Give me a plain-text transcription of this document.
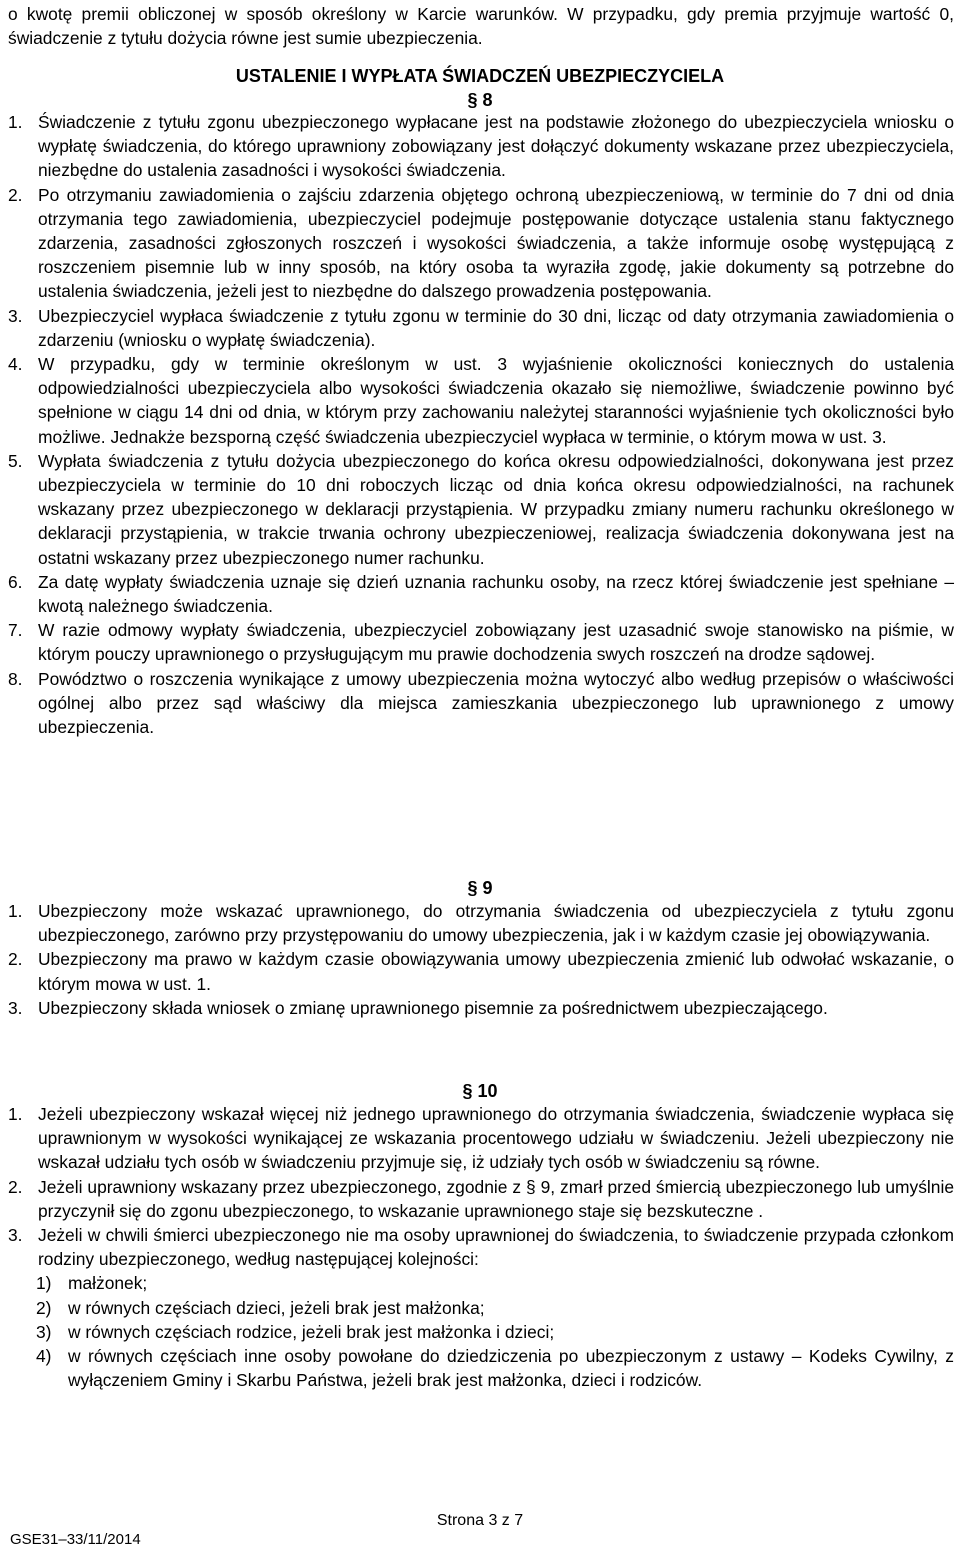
o kwotę premii obliczonej w sposób określony w Karcie warunków. W przypadku, gdy premia przyjmuje wartość 0, świadczenie z tytułu dożycia równe jest sumie ubezpieczenia.
USTALENIE I WYPŁATA ŚWIADCZEŃ UBEZPIECZYCIELA
§ 8
1. Świadczenie z tytułu zgonu ubezpieczonego wypłacane jest na podstawie złożonego do ubezpieczyciela wniosku o wypłatę świadczenia, do którego uprawniony zobowiązany jest dołączyć dokumenty wskazane przez ubezpieczyciela, niezbędne do ustalenia zasadności i wysokości świadczenia.
2. Po otrzymaniu zawiadomienia o zajściu zdarzenia objętego ochroną ubezpieczeniową, w terminie do 7 dni od dnia otrzymania tego zawiadomienia, ubezpieczyciel podejmuje postępowanie dotyczące ustalenia stanu faktycznego zdarzenia, zasadności zgłoszonych roszczeń i wysokości świadczenia, a także informuje osobę występującą z roszczeniem pisemnie lub w inny sposób, na który osoba ta wyraziła zgodę, jakie dokumenty są potrzebne do ustalenia świadczenia, jeżeli jest to niezbędne do dalszego prowadzenia postępowania.
3. Ubezpieczyciel wypłaca świadczenie z tytułu zgonu w terminie do 30 dni, licząc od daty otrzymania zawiadomienia o zdarzeniu (wniosku o wypłatę świadczenia).
4. W przypadku, gdy w terminie określonym w ust. 3 wyjaśnienie okoliczności koniecznych do ustalenia odpowiedzialności ubezpieczyciela albo wysokości świadczenia okazało się niemożliwe, świadczenie powinno być spełnione w ciągu 14 dni od dnia, w którym przy zachowaniu należytej staranności wyjaśnienie tych okoliczności było możliwe. Jednakże bezsporną część świadczenia ubezpieczyciel wypłaca w terminie, o którym mowa w ust. 3.
5. Wypłata świadczenia z tytułu dożycia ubezpieczonego do końca okresu odpowiedzialności, dokonywana jest przez ubezpieczyciela w terminie do 10 dni roboczych licząc od dnia końca okresu odpowiedzialności, na rachunek wskazany przez ubezpieczonego w deklaracji przystąpienia. W przypadku zmiany numeru rachunku określonego w deklaracji przystąpienia, w trakcie trwania ochrony ubezpieczeniowej, realizacja świadczenia dokonywana jest na ostatni wskazany przez ubezpieczonego numer rachunku.
6. Za datę wypłaty świadczenia uznaje się dzień uznania rachunku osoby, na rzecz której świadczenie jest spełniane – kwotą należnego świadczenia.
7. W razie odmowy wypłaty świadczenia, ubezpieczyciel zobowiązany jest uzasadnić swoje stanowisko na piśmie, w którym pouczy uprawnionego o przysługującym mu prawie dochodzenia swych roszczeń na drodze sądowej.
8. Powództwo o roszczenia wynikające z umowy ubezpieczenia można wytoczyć albo według przepisów o właściwości ogólnej albo przez sąd właściwy dla miejsca zamieszkania ubezpieczonego lub uprawnionego z umowy ubezpieczenia.
§ 9
1. Ubezpieczony może wskazać uprawnionego, do otrzymania świadczenia od ubezpieczyciela z tytułu zgonu ubezpieczonego, zarówno przy przystępowaniu do umowy ubezpieczenia, jak i w każdym czasie jej obowiązywania.
2. Ubezpieczony ma prawo w każdym czasie obowiązywania umowy ubezpieczenia zmienić lub odwołać wskazanie, o którym mowa w ust. 1.
3. Ubezpieczony składa wniosek o zmianę uprawnionego pisemnie za pośrednictwem ubezpieczającego.
§ 10
1. Jeżeli ubezpieczony wskazał więcej niż jednego uprawnionego do otrzymania świadczenia, świadczenie wypłaca się uprawnionym w wysokości wynikającej ze wskazania procentowego udziału w świadczeniu. Jeżeli ubezpieczony nie wskazał udziału tych osób w świadczeniu przyjmuje się, iż udziały tych osób w świadczeniu są równe.
2. Jeżeli uprawniony wskazany przez ubezpieczonego, zgodnie z § 9, zmarł przed śmiercią ubezpieczonego lub umyślnie przyczynił się do zgonu ubezpieczonego, to wskazanie uprawnionego staje się bezskuteczne .
3. Jeżeli w chwili śmierci ubezpieczonego nie ma osoby uprawnionej do świadczenia, to świadczenie przypada członkom rodziny ubezpieczonego, według następującej kolejności:
1) małżonek;
2) w równych częściach dzieci, jeżeli brak jest małżonka;
3) w równych częściach rodzice, jeżeli brak jest małżonka i dzieci;
4) w równych częściach inne osoby powołane do dziedziczenia po ubezpieczonym z ustawy – Kodeks Cywilny, z wyłączeniem Gminy i Skarbu Państwa, jeżeli brak jest małżonka, dzieci i rodziców.
Strona 3 z 7
GSE31–33/11/2014
